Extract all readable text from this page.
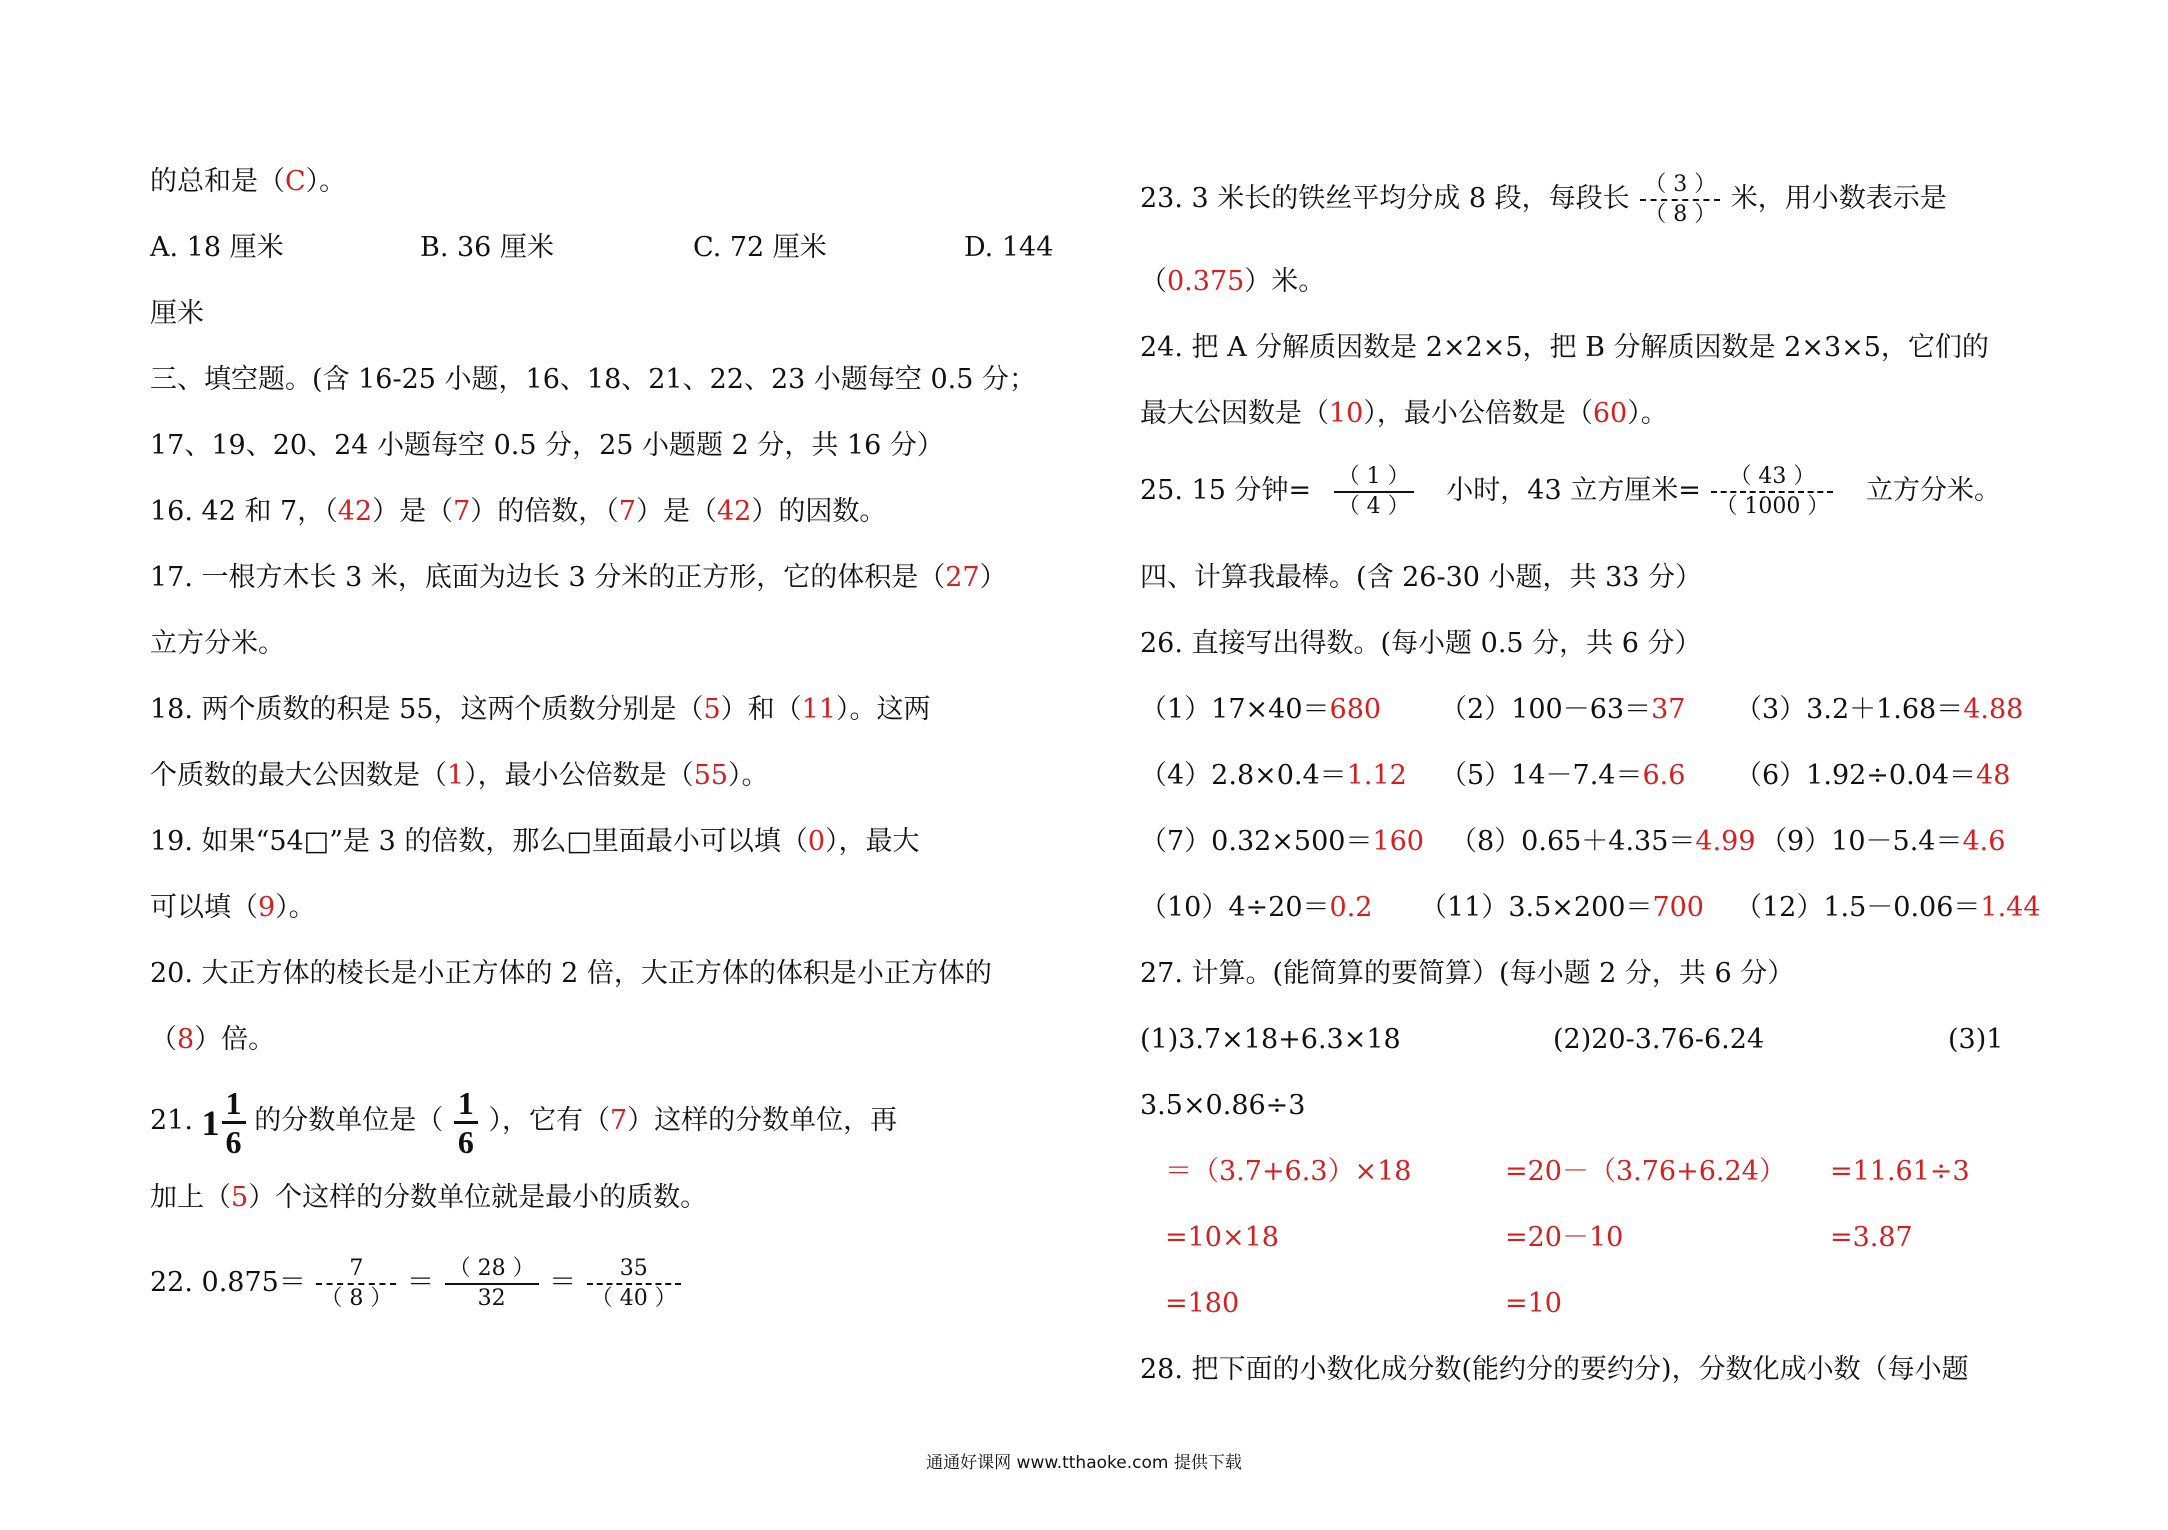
的总和是（C）。
A. 18 厘米	B. 36 厘米	C. 72 厘米	D. 144
厘米
三、填空题。(含 16-25 小题，16、18、21、22、23 小题每空 0.5 分；
17、19、20、24 小题每空 0.5 分，25 小题题 2 分，共 16 分）
16. 42 和 7，（42）是（7）的倍数，（7）是（42）的因数。
17. 一根方木长 3 米，底面为边长 3 分米的正方形，它的体积是（27）
立方分米。
18. 两个质数的积是 55，这两个质数分别是（5）和（11）。这两
个质数的最大公因数是（1），最小公倍数是（55）。
19. 如果“54□”是 3 的倍数，那么□里面最小可以填（0），最大
可以填（9）。
20. 大正方体的棱长是小正方体的 2 倍，大正方体的体积是小正方体的
（8）倍。
21. $1 \frac{1}{6}$ 的分数单位是（ $\frac{1}{6}$ ），它有（7）这样的分数单位，再
加上（5）个这样的分数单位就是最小的质数。
22. $0.875= \frac{7}{( 8 )} = \frac{( 28 )}{32} = \frac{35}{( 40 )}$
23. 3 米长的铁丝平均分成 8 段，每段长 $\frac{( 3 )}{( 8 )}$ 米，用小数表示是
（0.375）米。
24. 把 A 分解质因数是 2×2×5，把 B 分解质因数是 2×3×5，它们的
最大公因数是（10），最小公倍数是（60）。
25. 15 分钟= $\frac{( 1 )}{( 4 )}$ 小时，43 立方厘米= $\frac{( 43 )}{( 1000 )}$ 立方分米。
四、计算我最棒。(含 26-30 小题，共 33 分）
26. 直接写出得数。(每小题 0.5 分，共 6 分）
（1）17×40＝680 （2）100－63＝37 （3）3.2＋1.68＝4.88
（4）2.8×0.4＝1.12 （5）14－7.4＝6.6 （6）1.92÷0.04＝48
（7）0.32×500＝160 （8）0.65＋4.35＝4.99 （9）10－5.4＝4.6
（10）4÷20＝0.2 （11）3.5×200＝700 （12）1.5－0.06＝1.44
27. 计算。(能简算的要简算）(每小题 2 分，共 6 分）
(1)3.7×18+6.3×18	(2)20-3.76-6.24	(3)1
3.5×0.86÷3
＝（3.7+6.3）×18	=20－（3.76+6.24） =11.61÷3
=10×18	=20－10	=3.87
=180	=10
28. 把下面的小数化成分数(能约分的要约分)，分数化成小数（每小题
通通好课网 www.tthaoke.com 提供下载
